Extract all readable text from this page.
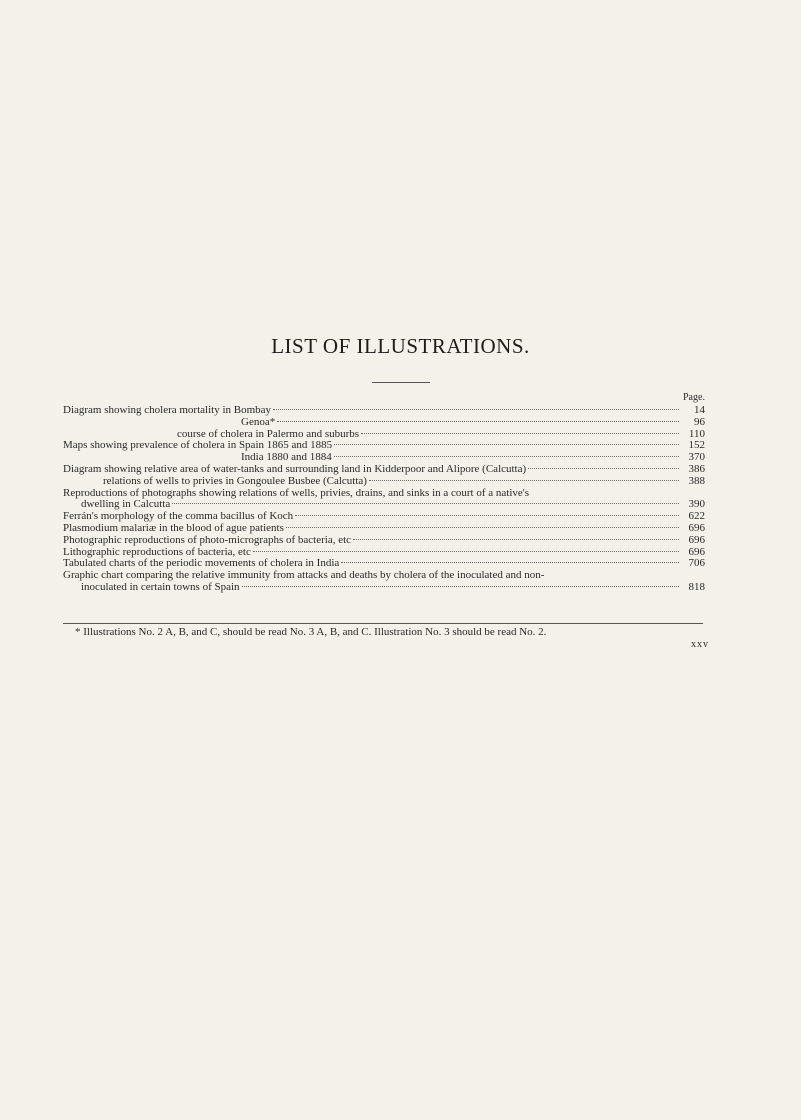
LIST OF ILLUSTRATIONS.
Page.
Diagram showing cholera mortality in Bombay	14
Genoa*	96
course of cholera in Palermo and suburbs	110
Maps showing prevalence of cholera in Spain 1865 and 1885	152
India 1880 and 1884	370
Diagram showing relative area of water-tanks and surrounding land in Kidderpoor and Alipore (Calcutta)	386
relations of wells to privies in Gongoulee Busbee (Calcutta)	388
Reproductions of photographs showing relations of wells, privies, drains, and sinks in a court of a native's
dwelling in Calcutta	390
Ferrán's morphology of the comma bacillus of Koch	622
Plasmodium malariæ in the blood of ague patients	696
Photographic reproductions of photo-micrographs of bacteria, etc	696
Lithographic reproductions of bacteria, etc	696
Tabulated charts of the periodic movements of cholera in India	706
Graphic chart comparing the relative immunity from attacks and deaths by cholera of the inoculated and non-
inoculated in certain towns of Spain	818
* Illustrations No. 2 A, B, and C, should be read No. 3 A, B, and C. Illustration No. 3 should be read No. 2.
xxv
